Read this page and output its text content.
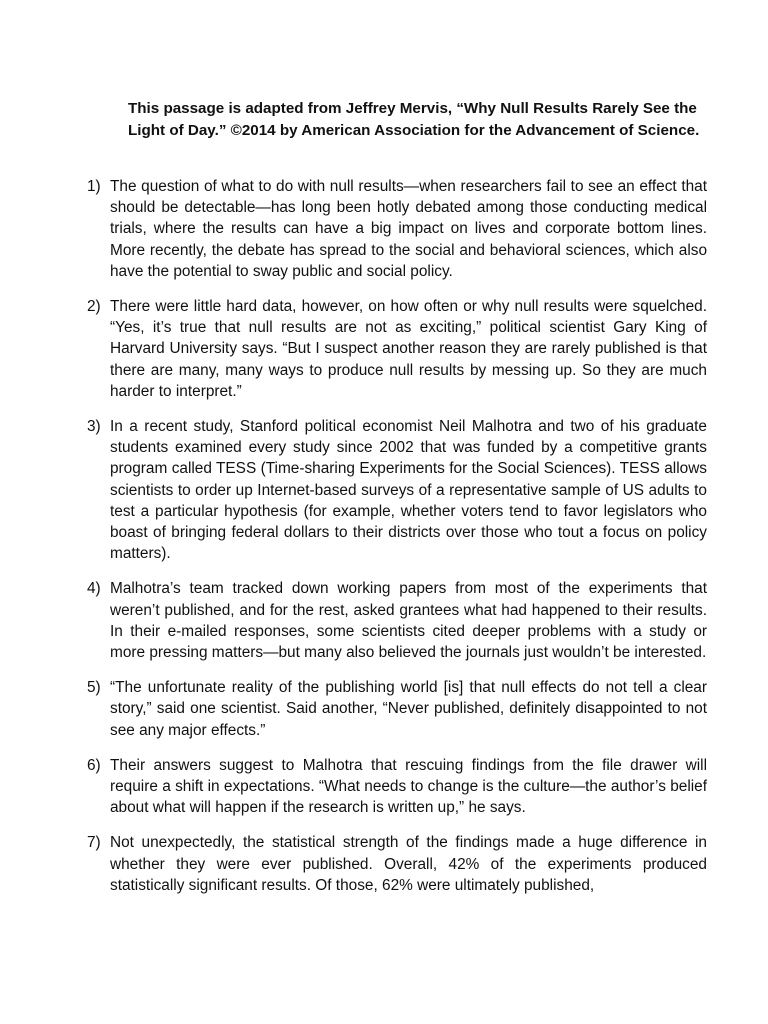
This passage is adapted from Jeffrey Mervis, “Why Null Results Rarely See the Light of Day.” ©2014 by American Association for the Advancement of Science.

1) The question of what to do with null results—when researchers fail to see an effect that should be detectable—has long been hotly debated among those conducting medical trials, where the results can have a big impact on lives and corporate bottom lines. More recently, the debate has spread to the social and behavioral sciences, which also have the potential to sway public and social policy.
2) There were little hard data, however, on how often or why null results were squelched. “Yes, it’s true that null results are not as exciting,” political scientist Gary King of Harvard University says. “But I suspect another reason they are rarely published is that there are many, many ways to produce null results by messing up. So they are much harder to interpret.”
3) In a recent study, Stanford political economist Neil Malhotra and two of his graduate students examined every study since 2002 that was funded by a competitive grants program called TESS (Time-sharing Experiments for the Social Sciences). TESS allows scientists to order up Internet-based surveys of a representative sample of US adults to test a particular hypothesis (for example, whether voters tend to favor legislators who boast of bringing federal dollars to their districts over those who tout a focus on policy matters).
4) Malhotra’s team tracked down working papers from most of the experiments that weren’t published, and for the rest, asked grantees what had happened to their results. In their e-mailed responses, some scientists cited deeper problems with a study or more pressing matters—but many also believed the journals just wouldn’t be interested.
5) “The unfortunate reality of the publishing world [is] that null effects do not tell a clear story,” said one scientist. Said another, “Never published, definitely disappointed to not see any major effects.”
6) Their answers suggest to Malhotra that rescuing findings from the file drawer will require a shift in expectations. “What needs to change is the culture—the author’s belief about what will happen if the research is written up,” he says.
7) Not unexpectedly, the statistical strength of the findings made a huge difference in whether they were ever published. Overall, 42% of the experiments produced statistically significant results. Of those, 62% were ultimately published,
